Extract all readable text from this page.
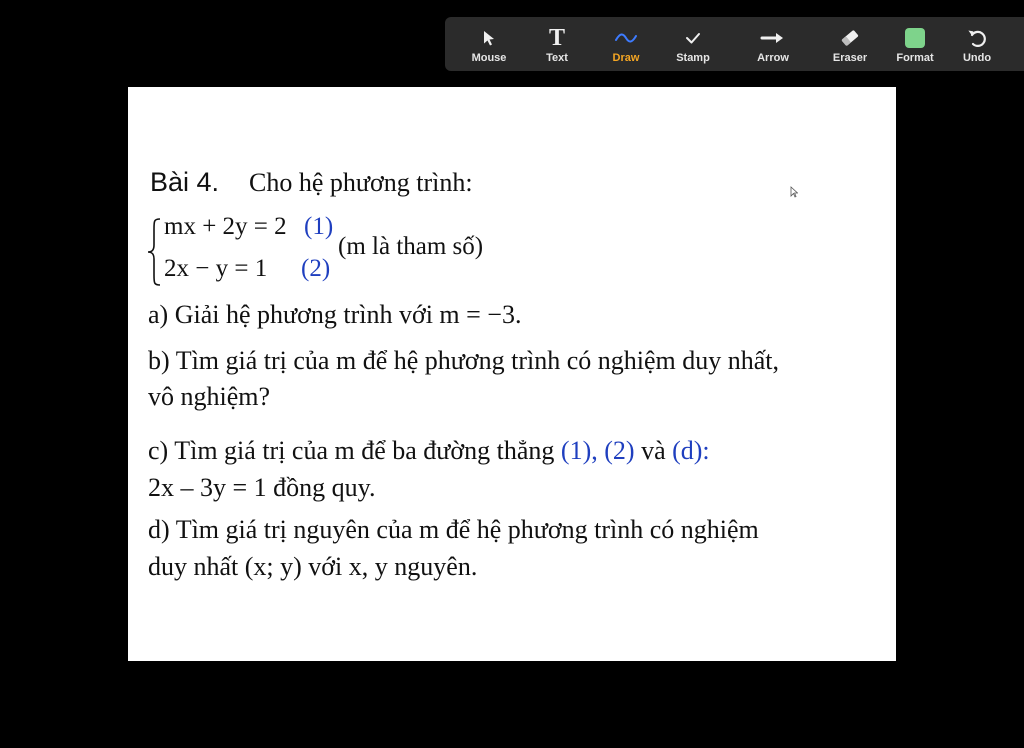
Mouse
T
Text	Draw	Stamp	Arrow	Eraser	Format	Undo
Bài 4. Cho hệ phương trình:
mx + 2y = 2 (1)
2x − y = 1 (2)
(m là tham số)
a) Giải hệ phương trình với m = −3.
b) Tìm giá trị của m để hệ phương trình có nghiệm duy nhất,
vô nghiệm?
c) Tìm giá trị của m để ba đường thẳng (1), (2) và (d):
2x – 3y = 1 đồng quy.
d) Tìm giá trị nguyên của m để hệ phương trình có nghiệm
duy nhất (x; y) với x, y nguyên.
